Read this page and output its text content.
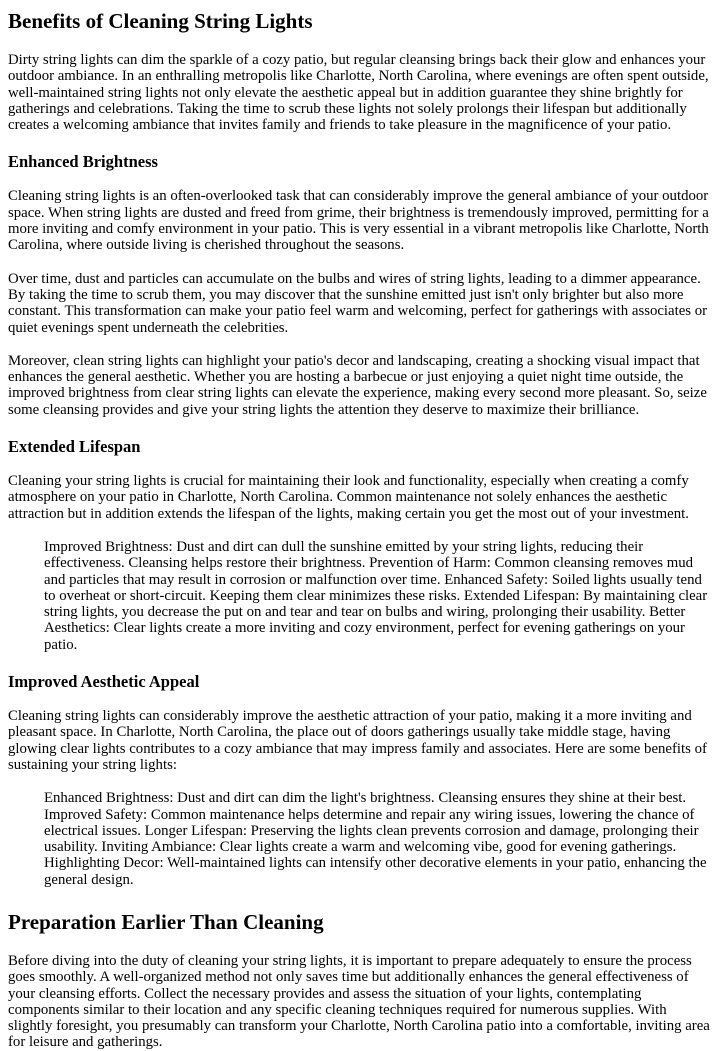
Benefits of Cleaning String Lights

Dirty string lights can dim the sparkle of a cozy patio, but regular cleansing brings back their glow and enhances your outdoor ambiance. In an enthralling metropolis like Charlotte, North Carolina, where evenings are often spent outside, well-maintained string lights not only elevate the aesthetic appeal but in addition guarantee they shine brightly for gatherings and celebrations. Taking the time to scrub these lights not solely prolongs their lifespan but additionally creates a welcoming ambiance that invites family and friends to take pleasure in the magnificence of your patio.

Enhanced Brightness

Cleaning string lights is an often-overlooked task that can considerably improve the general ambiance of your outdoor space. When string lights are dusted and freed from grime, their brightness is tremendously improved, permitting for a more inviting and comfy environment in your patio. This is very essential in a vibrant metropolis like Charlotte, North Carolina, where outside living is cherished throughout the seasons.

Over time, dust and particles can accumulate on the bulbs and wires of string lights, leading to a dimmer appearance. By taking the time to scrub them, you may discover that the sunshine emitted just isn't only brighter but also more constant. This transformation can make your patio feel warm and welcoming, perfect for gatherings with associates or quiet evenings spent underneath the celebrities.

Moreover, clean string lights can highlight your patio's decor and landscaping, creating a shocking visual impact that enhances the general aesthetic. Whether you are hosting a barbecue or just enjoying a quiet night time outside, the improved brightness from clear string lights can elevate the experience, making every second more pleasant. So, seize some cleansing provides and give your string lights the attention they deserve to maximize their brilliance.

Extended Lifespan

Cleaning your string lights is crucial for maintaining their look and functionality, especially when creating a comfy atmosphere on your patio in Charlotte, North Carolina. Common maintenance not solely enhances the aesthetic attraction but in addition extends the lifespan of the lights, making certain you get the most out of your investment.

Improved Brightness: Dust and dirt can dull the sunshine emitted by your string lights, reducing their effectiveness. Cleansing helps restore their brightness. Prevention of Harm: Common cleansing removes mud and particles that may result in corrosion or malfunction over time. Enhanced Safety: Soiled lights usually tend to overheat or short-circuit. Keeping them clear minimizes these risks. Extended Lifespan: By maintaining clear string lights, you decrease the put on and tear and tear on bulbs and wiring, prolonging their usability. Better Aesthetics: Clear lights create a more inviting and cozy environment, perfect for evening gatherings on your patio.
Improved Aesthetic Appeal

Cleaning string lights can considerably improve the aesthetic attraction of your patio, making it a more inviting and pleasant space. In Charlotte, North Carolina, the place out of doors gatherings usually take middle stage, having glowing clear lights contributes to a cozy ambiance that may impress family and associates. Here are some benefits of sustaining your string lights:

Enhanced Brightness: Dust and dirt can dim the light's brightness. Cleansing ensures they shine at their best. Improved Safety: Common maintenance helps determine and repair any wiring issues, lowering the chance of electrical issues. Longer Lifespan: Preserving the lights clean prevents corrosion and damage, prolonging their usability. Inviting Ambiance: Clear lights create a warm and welcoming vibe, good for evening gatherings. Highlighting Decor: Well-maintained lights can intensify other decorative elements in your patio, enhancing the general design.
Preparation Earlier Than Cleaning

Before diving into the duty of cleaning your string lights, it is important to prepare adequately to ensure the process goes smoothly. A well-organized method not only saves time but additionally enhances the general effectiveness of your cleansing efforts. Collect the necessary provides and assess the situation of your lights, contemplating components similar to their location and any specific cleaning techniques required for numerous supplies. With slightly foresight, you presumably can transform your Charlotte, North Carolina patio into a comfortable, inviting area for leisure and gatherings.
